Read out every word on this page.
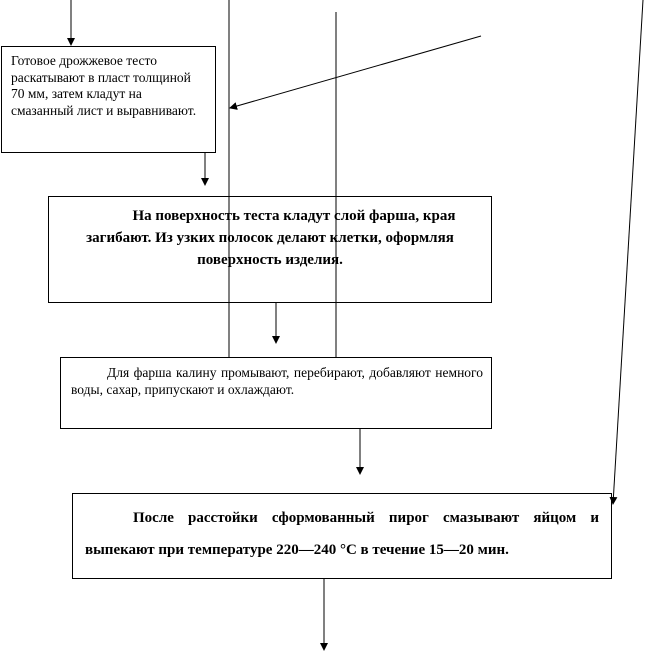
Готовое дрожжевое тесто раскатывают в пласт толщиной 70 мм, затем кладут на смазанный лист и выравнивают.
На поверхность теста кладут слой фарша, края загибают. Из узких полосок делают клетки, оформляя поверхность изделия.
Для фарша калину промывают, перебирают, добавляют немного воды, сахар, припускают и охлаждают.
После расстойки сформованный пирог смазывают яйцом и выпекают при температуре 220—240 °С в течение 15—20 мин.
